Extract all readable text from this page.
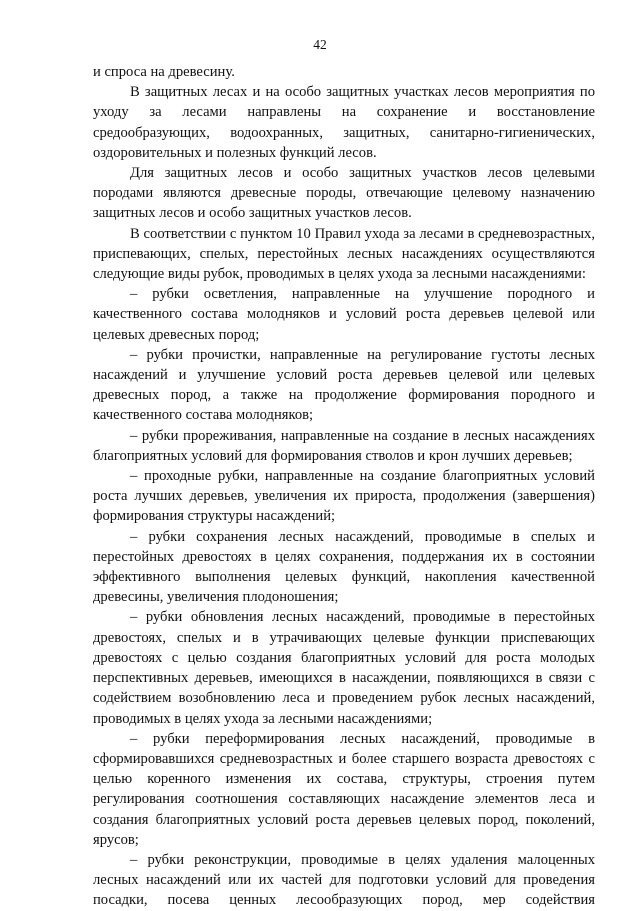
42

и спроса на древесину.

В защитных лесах и на особо защитных участках лесов мероприятия по уходу за лесами направлены на сохранение и восстановление средообразующих, водоохранных, защитных, санитарно-гигиенических, оздоровительных и полезных функций лесов.

Для защитных лесов и особо защитных участков лесов целевыми породами являются древесные породы, отвечающие целевому назначению защитных лесов и особо защитных участков лесов.

В соответствии с пунктом 10 Правил ухода за лесами в средневозрастных, приспевающих, спелых, перестойных лесных насаждениях осуществляются следующие виды рубок, проводимых в целях ухода за лесными насаждениями:

– рубки осветления, направленные на улучшение породного и качественного состава молодняков и условий роста деревьев целевой или целевых древесных пород;

– рубки прочистки, направленные на регулирование густоты лесных насаждений и улучшение условий роста деревьев целевой или целевых древесных пород, а также на продолжение формирования породного и качественного состава молодняков;

– рубки прореживания, направленные на создание в лесных насаждениях благоприятных условий для формирования стволов и крон лучших деревьев;

– проходные рубки, направленные на создание благоприятных условий роста лучших деревьев, увеличения их прироста, продолжения (завершения) формирования структуры насаждений;

– рубки сохранения лесных насаждений, проводимые в спелых и перестойных древостоях в целях сохранения, поддержания их в состоянии эффективного выполнения целевых функций, накопления качественной древесины, увеличения плодоношения;

– рубки обновления лесных насаждений, проводимые в перестойных древостоях, спелых и в утрачивающих целевые функции приспевающих древостоях с целью создания благоприятных условий для роста молодых перспективных деревьев, имеющихся в насаждении, появляющихся в связи с содействием возобновлению леса и проведением рубок лесных насаждений, проводимых в целях ухода за лесными насаждениями;

– рубки переформирования лесных насаждений, проводимые в сформировавшихся средневозрастных и более старшего возраста древостоях с целью коренного изменения их состава, структуры, строения путем регулирования соотношения составляющих насаждение элементов леса и создания благоприятных условий роста деревьев целевых пород, поколений, ярусов;

– рубки реконструкции, проводимые в целях удаления малоценных лесных насаждений или их частей для подготовки условий для проведения посадки, посева ценных лесообразующих пород, мер содействия
